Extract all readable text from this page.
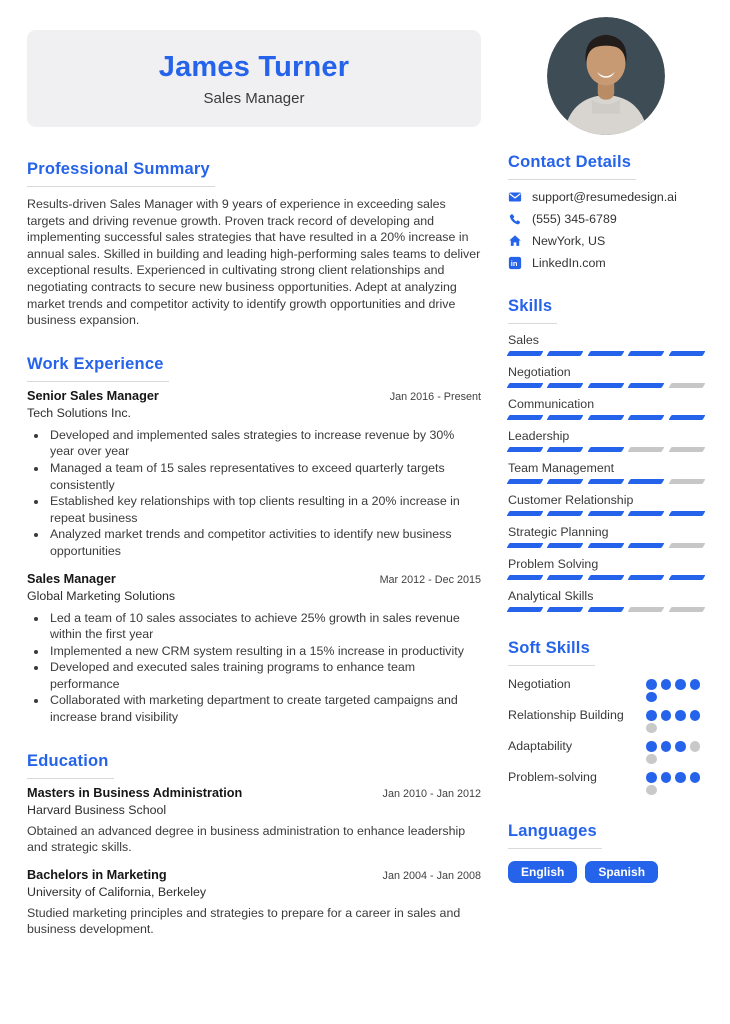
James Turner
Sales Manager
Professional Summary

Results-driven Sales Manager with 9 years of experience in exceeding sales targets and driving revenue growth. Proven track record of developing and implementing successful sales strategies that have resulted in a 20% increase in annual sales. Skilled in building and leading high-performing sales teams to deliver exceptional results. Experienced in cultivating strong client relationships and negotiating contracts to secure new business opportunities. Adept at analyzing market trends and competitor activity to identify growth opportunities and drive business expansion.

Work Experience
Senior Sales Manager	Jan 2016 - Present
Tech Solutions Inc.
• Developed and implemented sales strategies to increase revenue by 30% year over year
• Managed a team of 15 sales representatives to exceed quarterly targets consistently
• Established key relationships with top clients resulting in a 20% increase in repeat business
• Analyzed market trends and competitor activities to identify new business opportunities
Sales Manager	Mar 2012 - Dec 2015
Global Marketing Solutions
• Led a team of 10 sales associates to achieve 25% growth in sales revenue within the first year
• Implemented a new CRM system resulting in a 15% increase in productivity
• Developed and executed sales training programs to enhance team performance
• Collaborated with marketing department to create targeted campaigns and increase brand visibility
Education
Masters in Business Administration	Jan 2010 - Jan 2012
Harvard Business School

Obtained an advanced degree in business administration to enhance leadership and strategic skills.

Bachelors in Marketing	Jan 2004 - Jan 2008
University of California, Berkeley

Studied marketing principles and strategies to prepare for a career in sales and business development.

Contact Details
support@resumedesign.ai
(555) 345-6789
NewYork, US
in LinkedIn.com
Skills
Sales
Negotiation
Communication
Leadership
Team Management
Customer Relationship
Strategic Planning
Problem Solving
Analytical Skills
Soft Skills
Negotiation
Relationship Building
Adaptability
Problem-solving
Languages
English	Spanish
